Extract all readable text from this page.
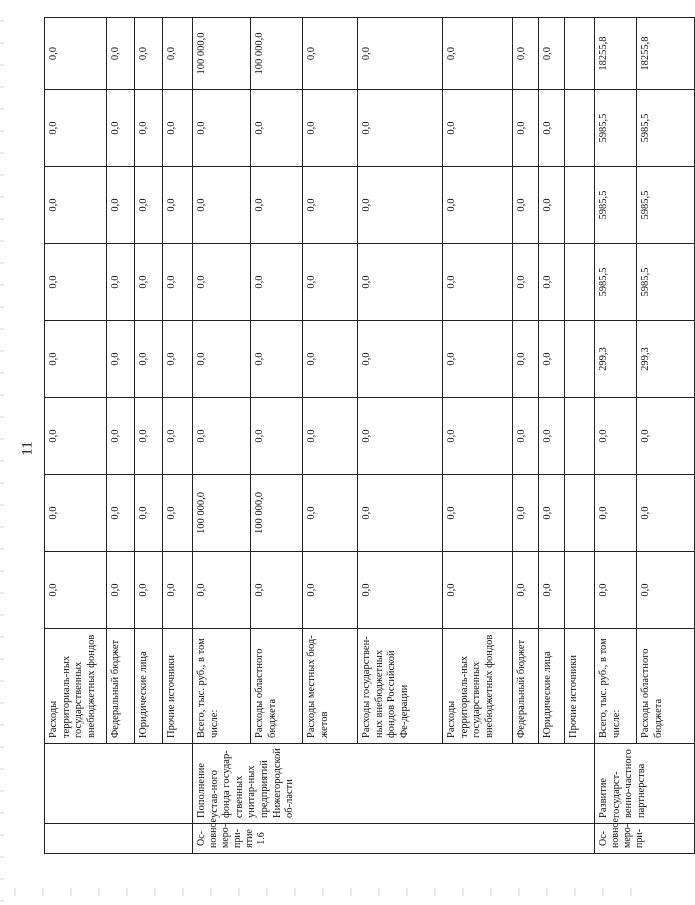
11
		Расходы территориаль-ных государственных внебюджетных фондов	0,0	0,0	0,0	0,0	0,0	0,0	0,0	0,0
		Федеральный бюджет	0,0	0,0	0,0	0,0	0,0	0,0	0,0	0,0
		Юридические лица	0,0	0,0	0,0	0,0	0,0	0,0	0,0	0,0
		Прочие источники	0,0	0,0	0,0	0,0	0,0	0,0	0,0	0,0
Ос-новное меро-при-ятие 1.6	Пополнение устав-ного фонда государ-ственных унитар-ных предприятий Нижегородской об-ласти	Всего, тыс. руб., в том числе:	0,0	100 000,0	0,0	0,0	0,0	0,0	0,0	100 000,0
		Расходы областного бюджета	0,0	100 000,0	0,0	0,0	0,0	0,0	0,0	100 000,0
		Расходы местных бюд-жетов	0,0	0,0	0,0	0,0	0,0	0,0	0,0	0,0
		Расходы государствен-ных внебюджетных фондов Российской Фе-дерации	0,0	0,0	0,0	0,0	0,0	0,0	0,0	0,0
		Расходы территориаль-ных государственных внебюджетных фондов	0,0	0,0	0,0	0,0	0,0	0,0	0,0	0,0
		Федеральный бюджет	0,0	0,0	0,0	0,0	0,0	0,0	0,0	0,0
		Юридические лица	0,0	0,0	0,0	0,0	0,0	0,0	0,0	0,0
		Прочие источники								
Ос-новное меро-при-	Развитие государст-венно-частного партнерства	Всего, тыс. руб., в том числе:	0,0	0,0	0,0	299,3	5985,5	5985,5	5985,5	18255,8
		Расходы областного бюджета	0,0	0,0	0,0	299,3	5985,5	5985,5	5985,5	18255,8
